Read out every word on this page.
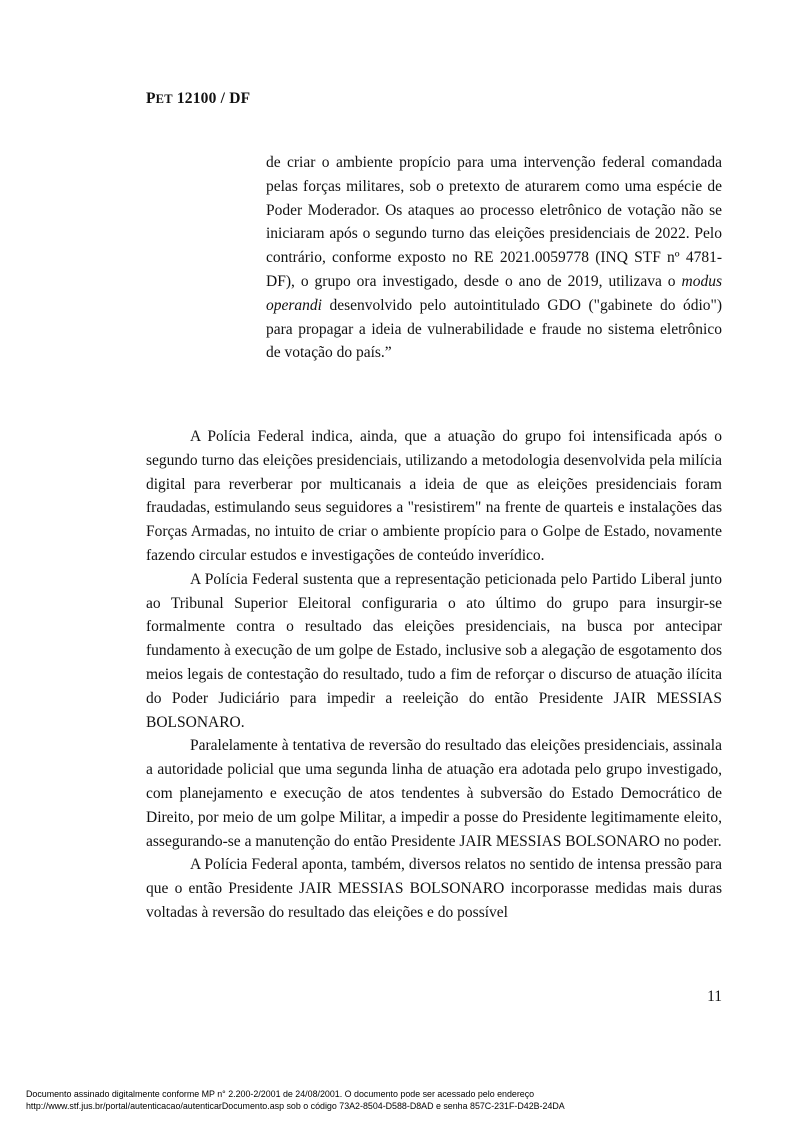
PET 12100 / DF

de criar o ambiente propício para uma intervenção federal comandada pelas forças militares, sob o pretexto de aturarem como uma espécie de Poder Moderador. Os ataques ao processo eletrônico de votação não se iniciaram após o segundo turno das eleições presidenciais de 2022. Pelo contrário, conforme exposto no RE 2021.0059778 (INQ STF nº 4781-DF), o grupo ora investigado, desde o ano de 2019, utilizava o modus operandi desenvolvido pelo autointitulado GDO ("gabinete do ódio") para propagar a ideia de vulnerabilidade e fraude no sistema eletrônico de votação do país.”

A Polícia Federal indica, ainda, que a atuação do grupo foi intensificada após o segundo turno das eleições presidenciais, utilizando a metodologia desenvolvida pela milícia digital para reverberar por multicanais a ideia de que as eleições presidenciais foram fraudadas, estimulando seus seguidores a "resistirem" na frente de quarteis e instalações das Forças Armadas, no intuito de criar o ambiente propício para o Golpe de Estado, novamente fazendo circular estudos e investigações de conteúdo inverídico.

A Polícia Federal sustenta que a representação peticionada pelo Partido Liberal junto ao Tribunal Superior Eleitoral configuraria o ato último do grupo para insurgir-se formalmente contra o resultado das eleições presidenciais, na busca por antecipar fundamento à execução de um golpe de Estado, inclusive sob a alegação de esgotamento dos meios legais de contestação do resultado, tudo a fim de reforçar o discurso de atuação ilícita do Poder Judiciário para impedir a reeleição do então Presidente JAIR MESSIAS BOLSONARO.

Paralelamente à tentativa de reversão do resultado das eleições presidenciais, assinala a autoridade policial que uma segunda linha de atuação era adotada pelo grupo investigado, com planejamento e execução de atos tendentes à subversão do Estado Democrático de Direito, por meio de um golpe Militar, a impedir a posse do Presidente legitimamente eleito, assegurando-se a manutenção do então Presidente JAIR MESSIAS BOLSONARO no poder.

A Polícia Federal aponta, também, diversos relatos no sentido de intensa pressão para que o então Presidente JAIR MESSIAS BOLSONARO incorporasse medidas mais duras voltadas à reversão do resultado das eleições e do possível

11
Documento assinado digitalmente conforme MP n° 2.200-2/2001 de 24/08/2001. O documento pode ser acessado pelo endereço
http://www.stf.jus.br/portal/autenticacao/autenticarDocumento.asp sob o código 73A2-8504-D588-D8AD e senha 857C-231F-D42B-24DA
